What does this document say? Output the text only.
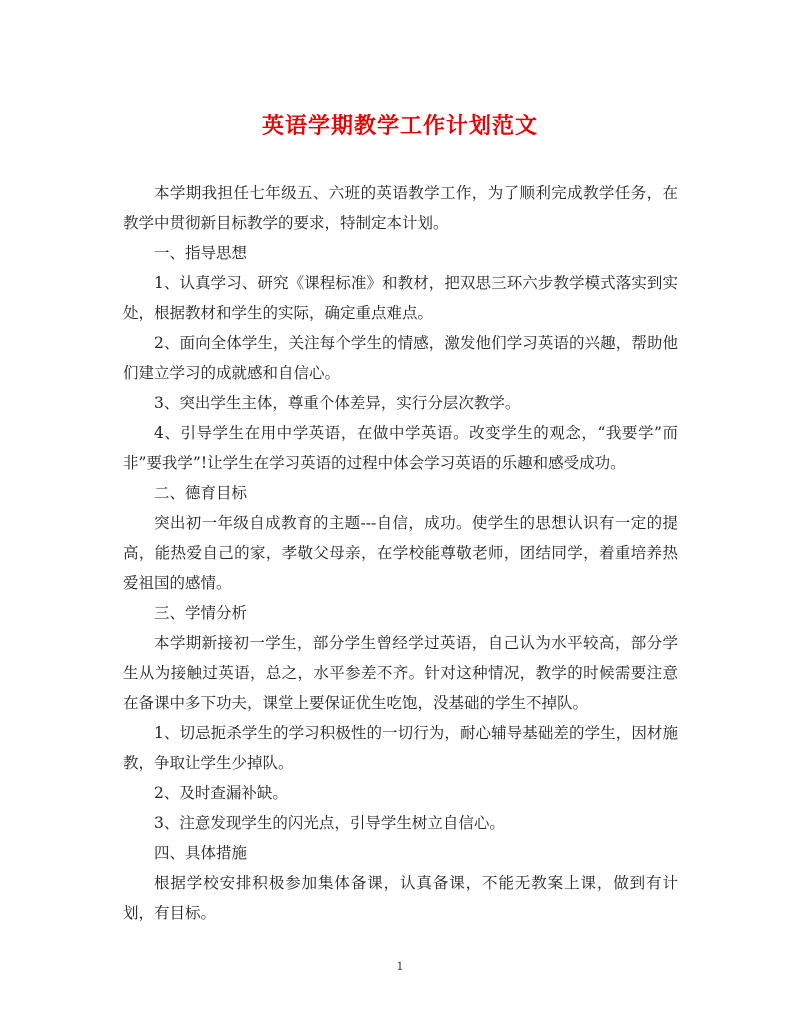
英语学期教学工作计划范文

本学期我担任七年级五、六班的英语教学工作，为了顺利完成教学任务，在教学中贯彻新目标教学的要求，特制定本计划。

一、指导思想

1、认真学习、研究《课程标准》和教材，把双思三环六步教学模式落实到实处，根据教材和学生的实际，确定重点难点。

2、面向全体学生，关注每个学生的情感，激发他们学习英语的兴趣，帮助他们建立学习的成就感和自信心。

3、突出学生主体，尊重个体差异，实行分层次教学。

4、引导学生在用中学英语，在做中学英语。改变学生的观念，“我要学”而非”要我学”!让学生在学习英语的过程中体会学习英语的乐趣和感受成功。

二、德育目标

突出初一年级自成教育的主题---自信，成功。使学生的思想认识有一定的提高，能热爱自己的家，孝敬父母亲，在学校能尊敬老师，团结同学，着重培养热爱祖国的感情。

三、学情分析

本学期新接初一学生，部分学生曾经学过英语，自己认为水平较高，部分学生从为接触过英语，总之，水平参差不齐。针对这种情况，教学的时候需要注意在备课中多下功夫，课堂上要保证优生吃饱，没基础的学生不掉队。

1、切忌扼杀学生的学习积极性的一切行为，耐心辅导基础差的学生，因材施教，争取让学生少掉队。

2、及时查漏补缺。

3、注意发现学生的闪光点，引导学生树立自信心。

四、具体措施

根据学校安排积极参加集体备课，认真备课，不能无教案上课，做到有计划，有目标。

1
